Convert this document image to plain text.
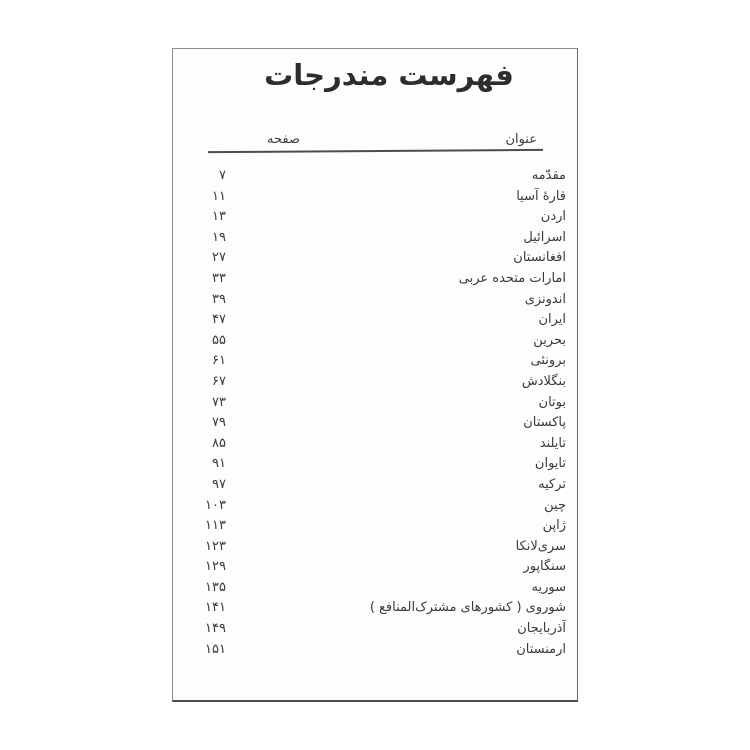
فهرست مندرجات
عنوان
صفحه
مقدّمه
۷
قارۀ آسیا
۱۱
اردن
۱۳
اسرائیل
۱۹
افغانستان
۲۷
امارات متحده عربی
۳۳
اندونزی
۳۹
ایران
۴۷
بحرین
۵۵
برونئی
۶۱
بنگلادش
۶۷
بوتان
۷۳
پاکستان
۷۹
تایلند
۸۵
تایوان
۹۱
ترکیه
۹۷
چین
۱۰۳
ژاپن
۱۱۳
سری‌لانکا
۱۲۳
سنگاپور
۱۲۹
سوریه
۱۳۵
شوروی ( کشورهای مشترک‌المنافع )
۱۴۱
آذربایجان
۱۴۹
ارمنستان
۱۵۱
